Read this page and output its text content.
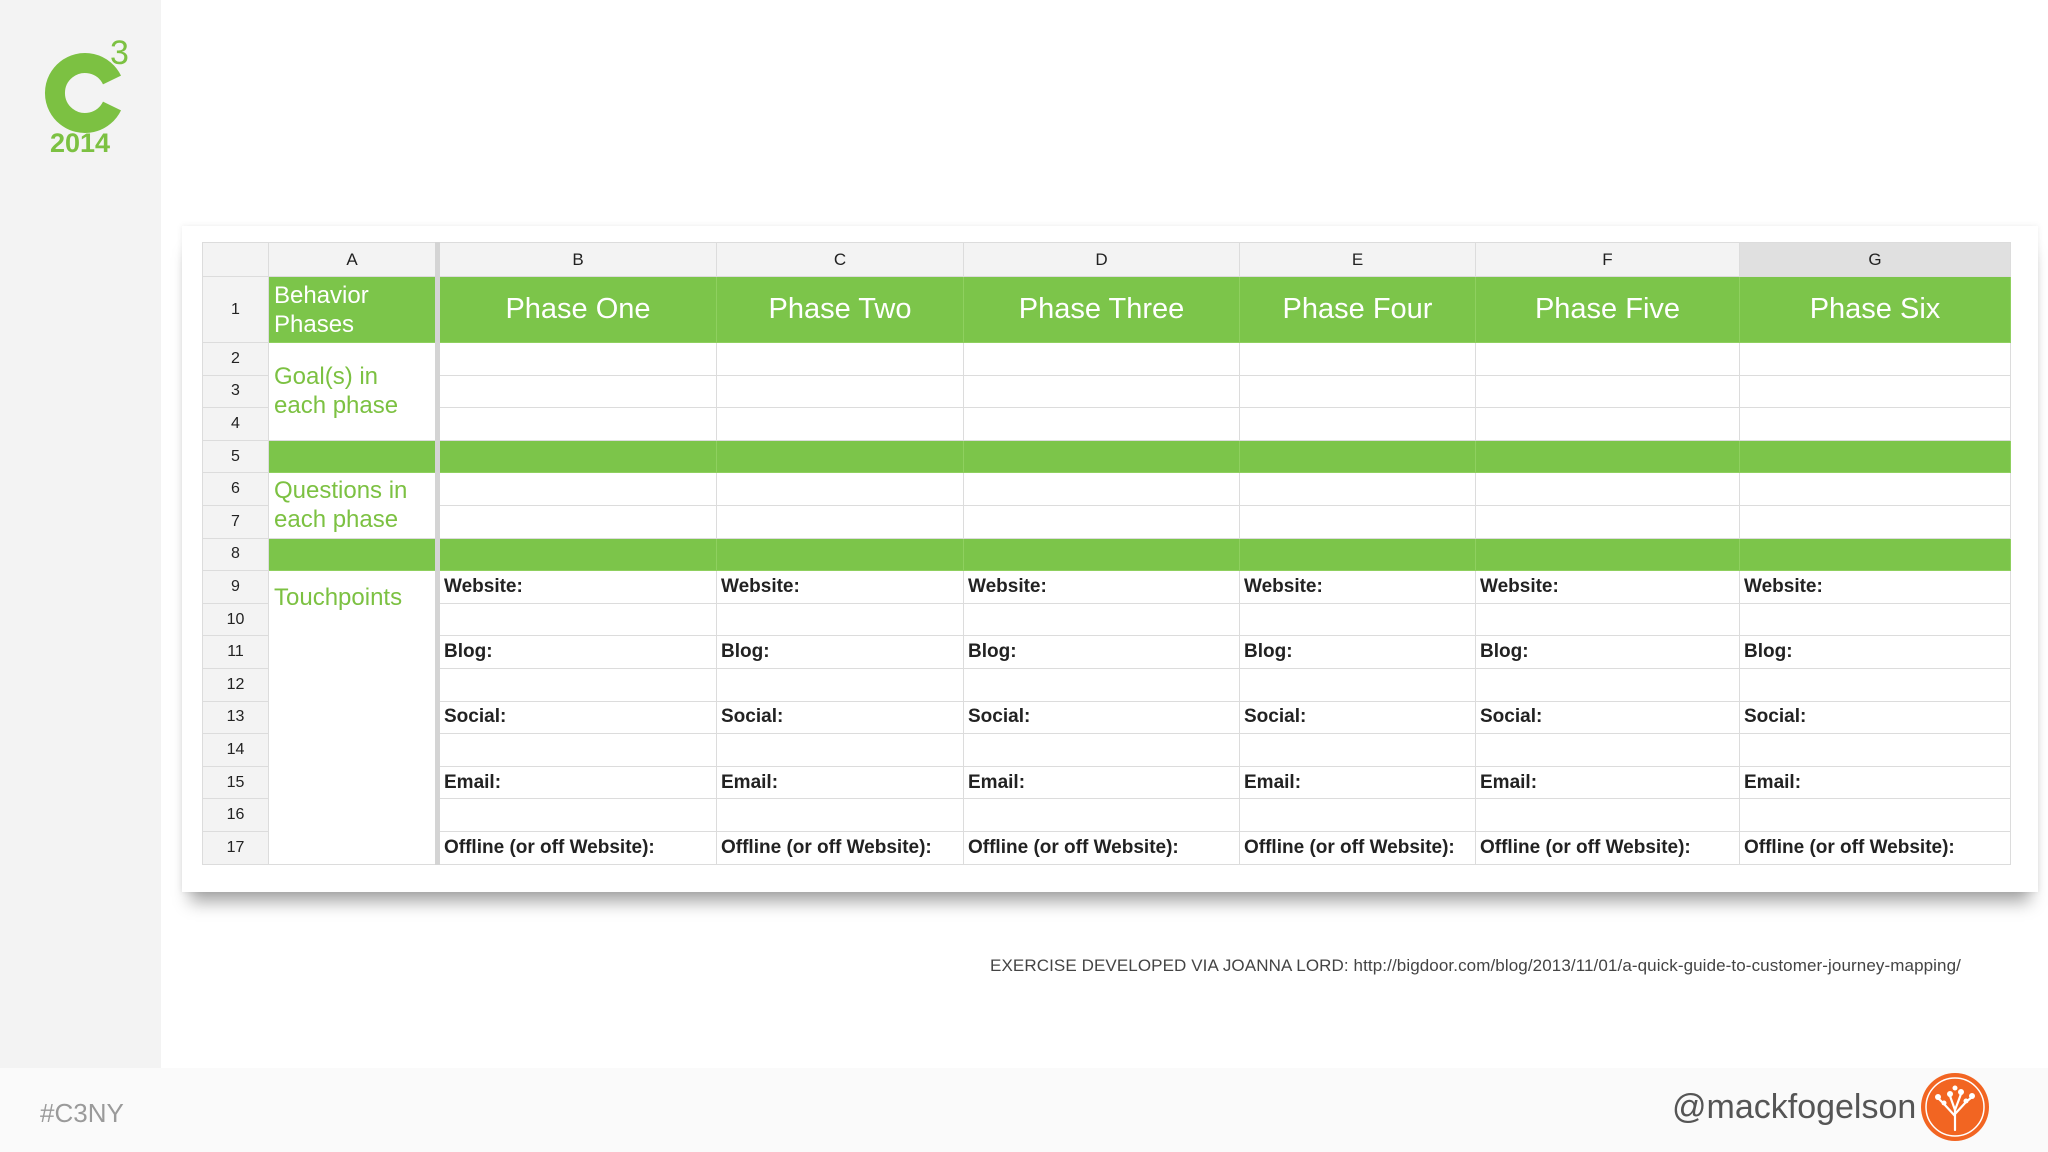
3
2014
	A	B	C	D	E	F	G
1	Behavior Phases	Phase One	Phase Two	Phase Three	Phase Four	Phase Five	Phase Six
2	Goal(s) in each phase						
3							
4							
5							
6	Questions in each phase						
7							
8							
9	Touchpoints	Website:	Website:	Website:	Website:	Website:	Website:
10							
11		Blog:	Blog:	Blog:	Blog:	Blog:	Blog:
12							
13		Social:	Social:	Social:	Social:	Social:	Social:
14							
15		Email:	Email:	Email:	Email:	Email:	Email:
16							
17		Offline (or off Website):	Offline (or off Website):	Offline (or off Website):	Offline (or off Website):	Offline (or off Website):	Offline (or off Website):
EXERCISE DEVELOPED VIA JOANNA LORD: http://bigdoor.com/blog/2013/11/01/a-quick-guide-to-customer-journey-mapping/
#C3NY	@mackfogelson
